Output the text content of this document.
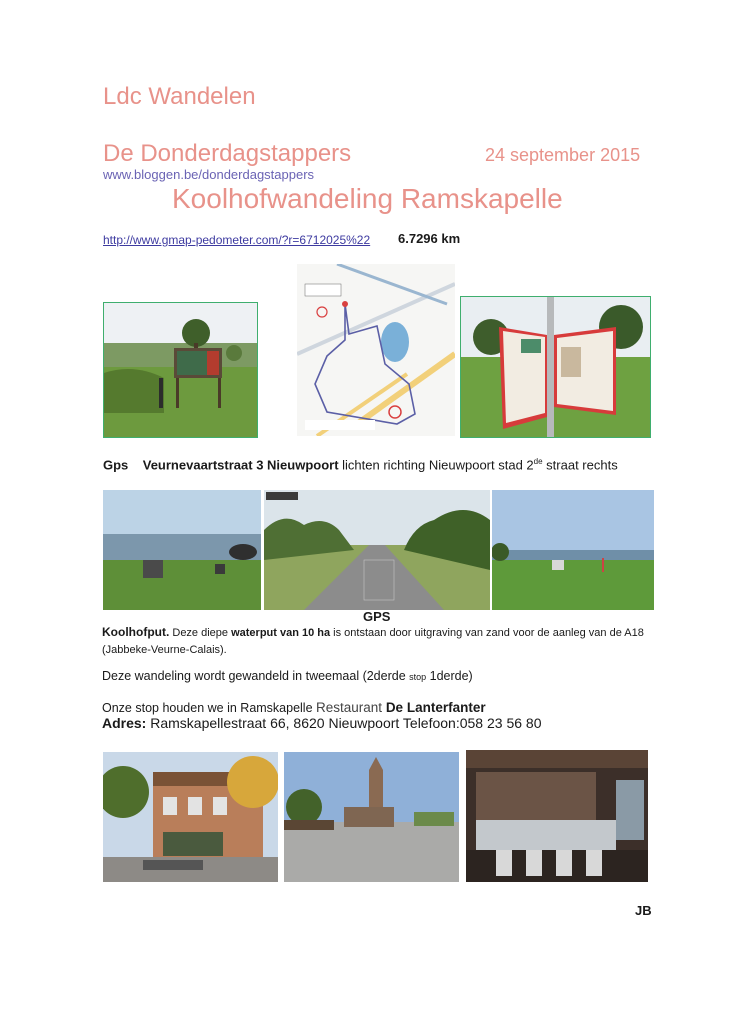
Ldc Wandelen
De Donderdagstappers	24 september 2015
www.bloggen.be/donderdagstappers
Koolhofwandeling Ramskapelle
http://www.gmap-pedometer.com/?r=6712025%22 6.7296 km
Gps Veurnevaartstraat 3 Nieuwpoort lichten richting Nieuwpoort stad 2de straat rechts
GPS
Koolhofput. Deze diepe waterput van 10 ha is ontstaan door uitgraving van zand voor de aanleg van de A18 (Jabbeke-Veurne-Calais).
Deze wandeling wordt gewandeld in tweemaal (2derde stop 1derde)
Onze stop houden we in Ramskapelle Restaurant De Lanterfanter
Adres: Ramskapellestraat 66, 8620 Nieuwpoort Telefoon:058 23 56 80
JB
